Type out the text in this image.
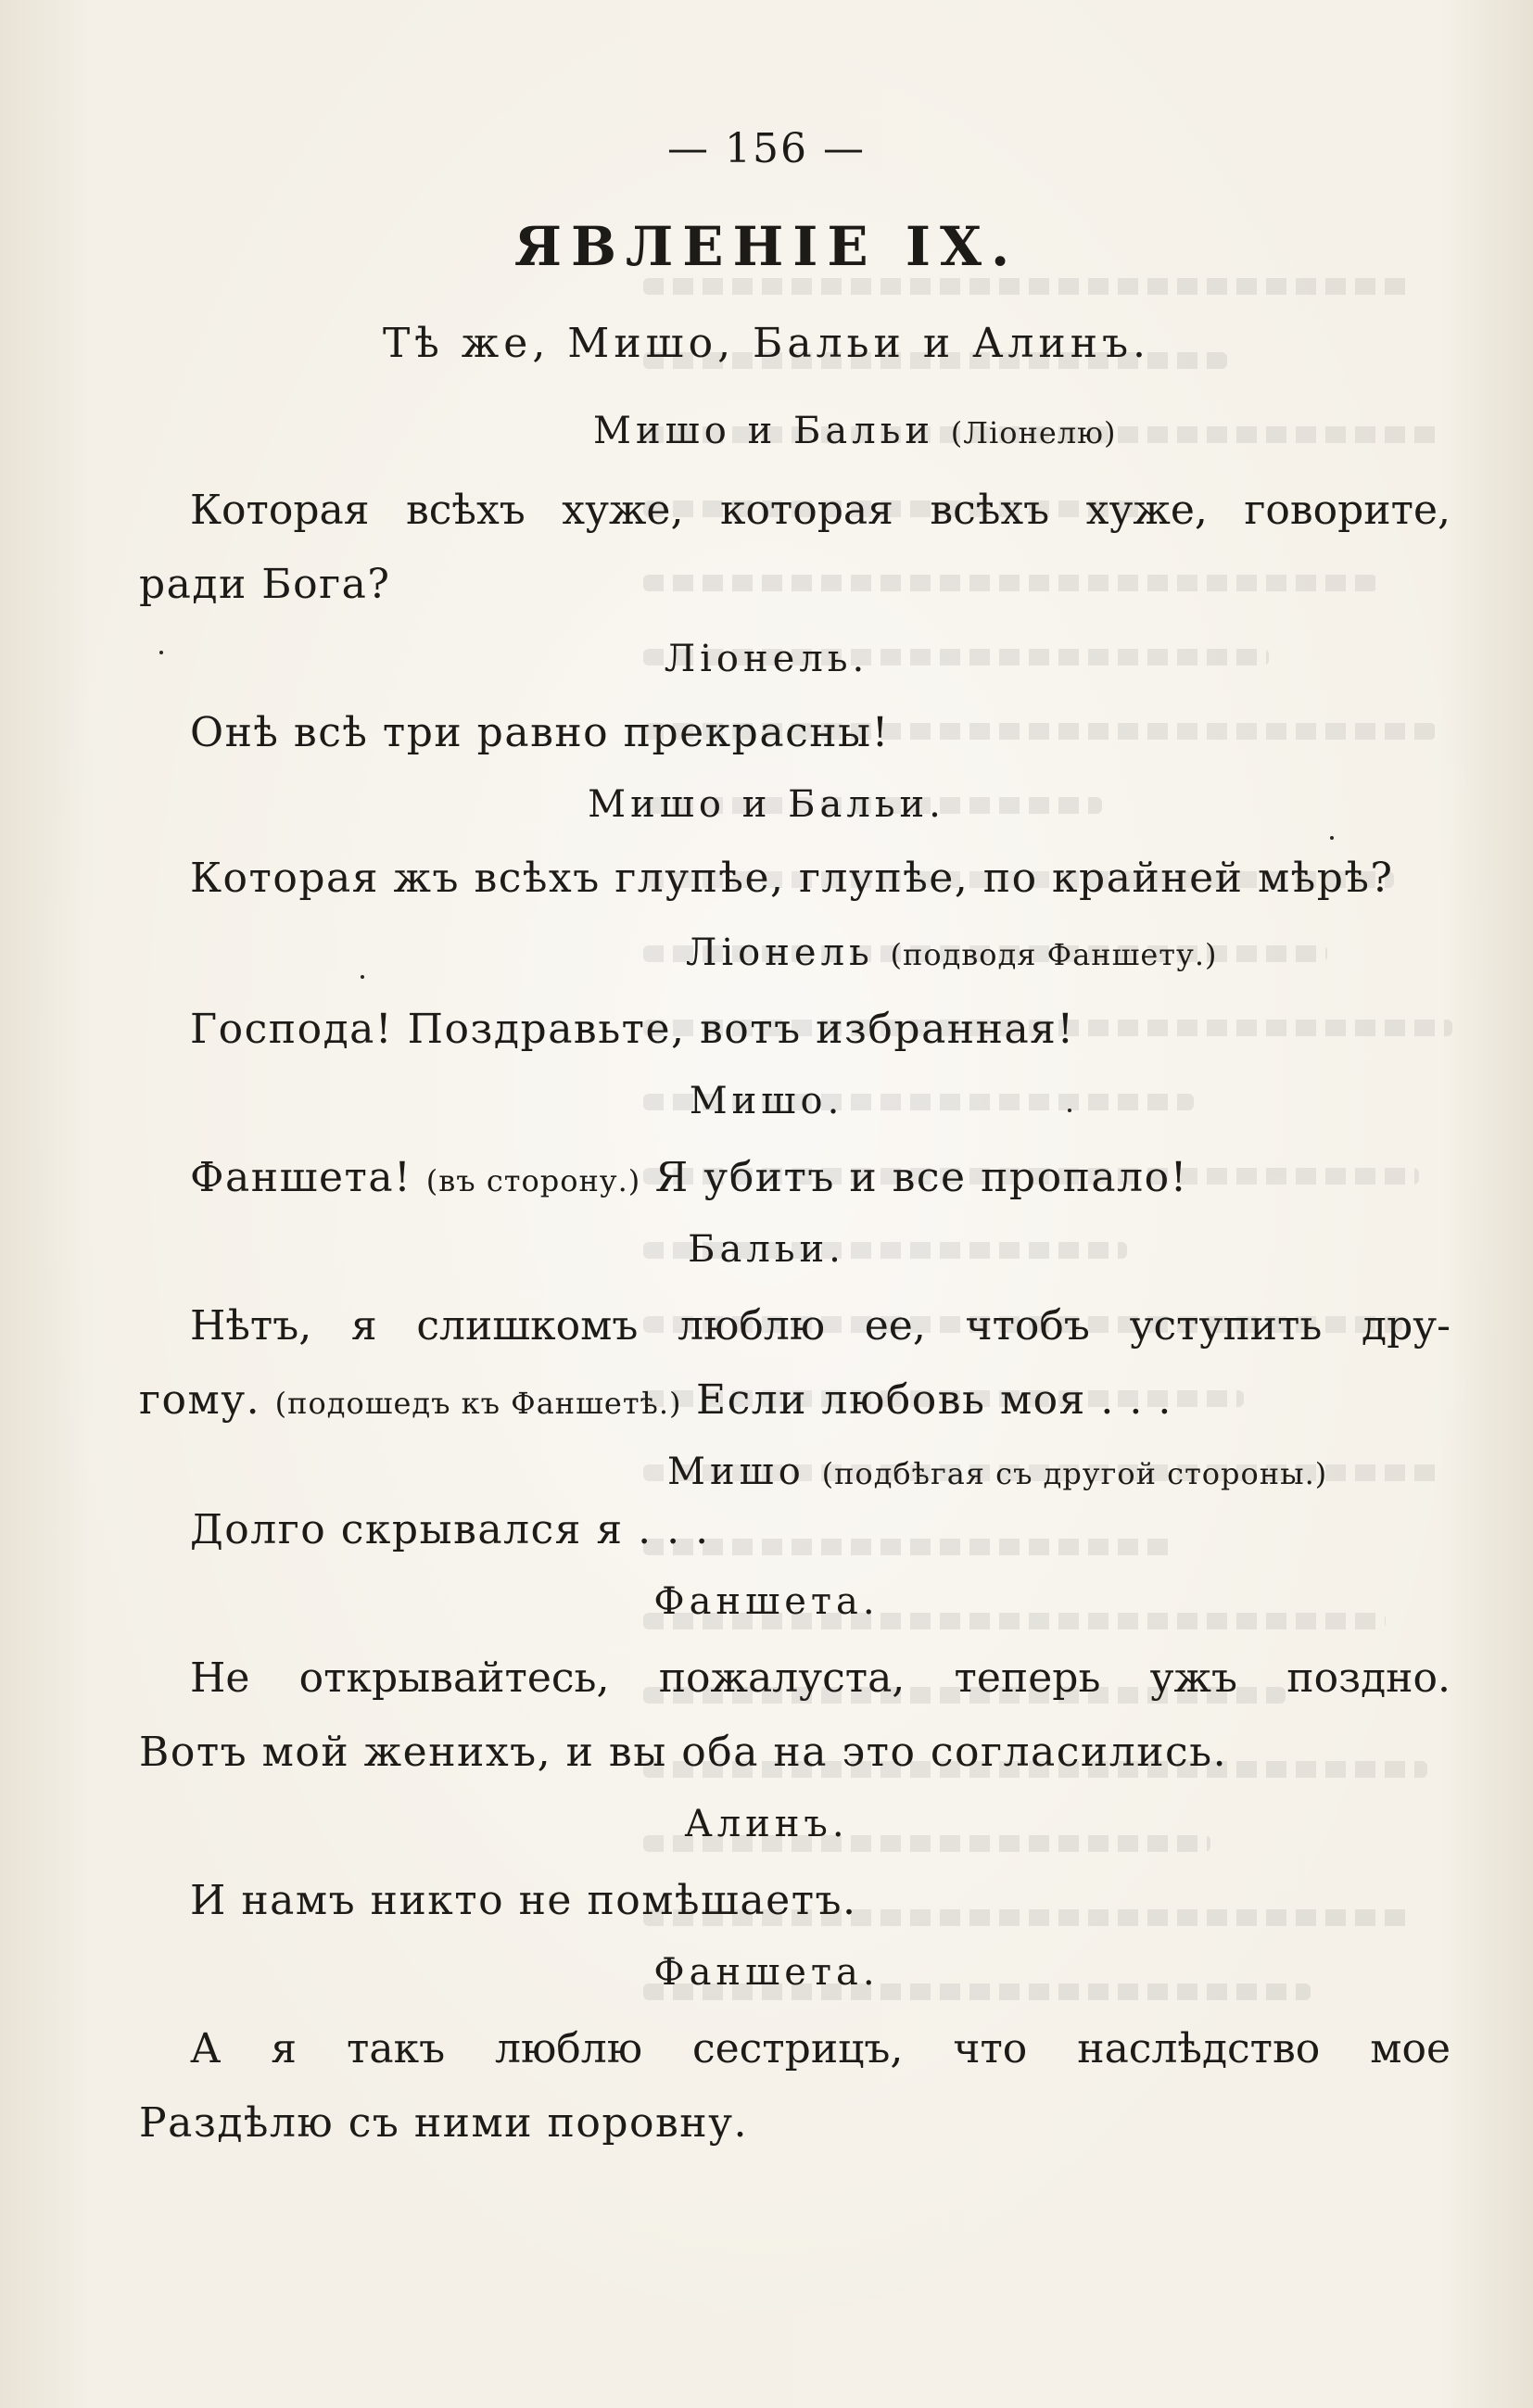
— 156 —
ЯВЛЕНІЕ IX.
Тѣ же, Мишо, Бальи и Алинъ.
Мишо и Бальи (Ліонелю)
Которая всѣхъ хуже, которая всѣхъ хуже, говорите,
ради Бога?
Ліонель.
Онѣ всѣ три равно прекрасны!
Мишо и Бальи.
Которая жъ всѣхъ глупѣе, глупѣе, по крайней мѣрѣ?
Ліонель (подводя Фаншету.)
Господа! Поздравьте, вотъ избранная!
Мишо.
Фаншета! (въ сторону.) Я убитъ и все пропало!
Бальи.
Нѣтъ, я слишкомъ люблю ее, чтобъ уступить дру-
гому. (подошедъ къ Фаншетѣ.) Если любовь моя . . .
Мишо (подбѣгая съ другой стороны.)
Долго скрывался я . . .
Фаншета.
Не открывайтесь, пожалуста, теперь ужъ поздно.
Вотъ мой женихъ, и вы оба на это согласились.
Алинъ.
И намъ никто не помѣшаетъ.
Фаншета.
А я такъ люблю сестрицъ, что наслѣдство мое
Раздѣлю съ ними поровну.
